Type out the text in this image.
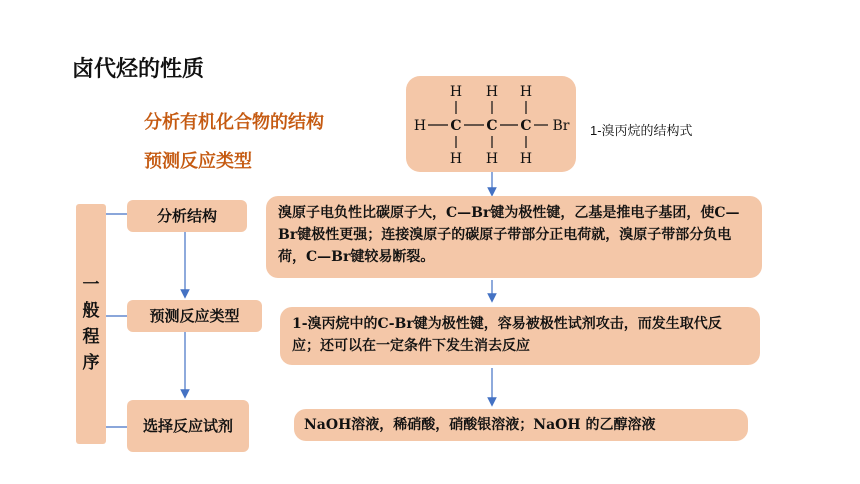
卤代烃的性质
分析有机化合物的结构
预测反应类型
一
般
程
序
分析结构
预测反应类型
选择反应试剂
H H H
H C C C Br
H H H
1-溴丙烷的结构式
溴原子电负性比碳原子大，C—Br键为极性键，乙基是推电子基团，使C—Br键极性更强；连接溴原子的碳原子带部分正电荷就，溴原子带部分负电荷，C—Br键较易断裂。
1-溴丙烷中的C-Br键为极性键，容易被极性试剂攻击，而发生取代反应；还可以在一定条件下发生消去反应
NaOH溶液，稀硝酸，硝酸银溶液；NaOH 的乙醇溶液
